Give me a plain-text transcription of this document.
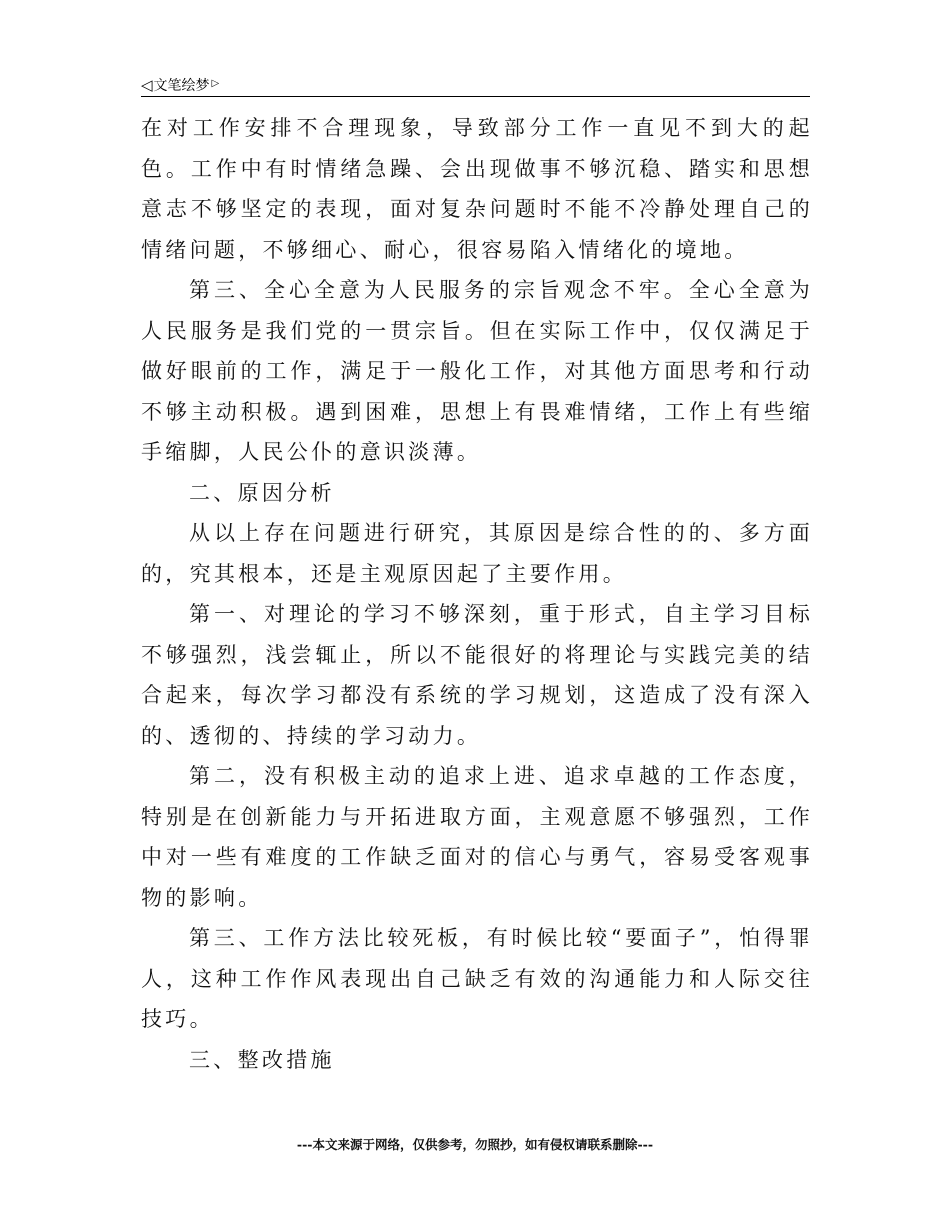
◁文笔绘梦 ▷

在对工作安排不合理现象，导致部分工作一直见不到大的起色。工作中有时情绪急躁、会出现做事不够沉稳、踏实和思想意志不够坚定的表现，面对复杂问题时不能不冷静处理自己的情绪问题，不够细心、耐心，很容易陷入情绪化的境地。

第三、全心全意为人民服务的宗旨观念不牢。全心全意为人民服务是我们党的一贯宗旨。但在实际工作中，仅仅满足于做好眼前的工作，满足于一般化工作，对其他方面思考和行动不够主动积极。遇到困难，思想上有畏难情绪，工作上有些缩手缩脚，人民公仆的意识淡薄。

二、原因分析

从以上存在问题进行研究，其原因是综合性的的、多方面的，究其根本，还是主观原因起了主要作用。

第一、对理论的学习不够深刻，重于形式，自主学习目标不够强烈，浅尝辄止，所以不能很好的将理论与实践完美的结合起来，每次学习都没有系统的学习规划，这造成了没有深入的、透彻的、持续的学习动力。

第二，没有积极主动的追求上进、追求卓越的工作态度，特别是在创新能力与开拓进取方面，主观意愿不够强烈，工作中对一些有难度的工作缺乏面对的信心与勇气，容易受客观事物的影响。

第三、工作方法比较死板，有时候比较“要面子”，怕得罪人，这种工作作风表现出自己缺乏有效的沟通能力和人际交往技巧。

三、整改措施

---本文来源于网络，仅供参考，勿照抄，如有侵权请联系删除---
